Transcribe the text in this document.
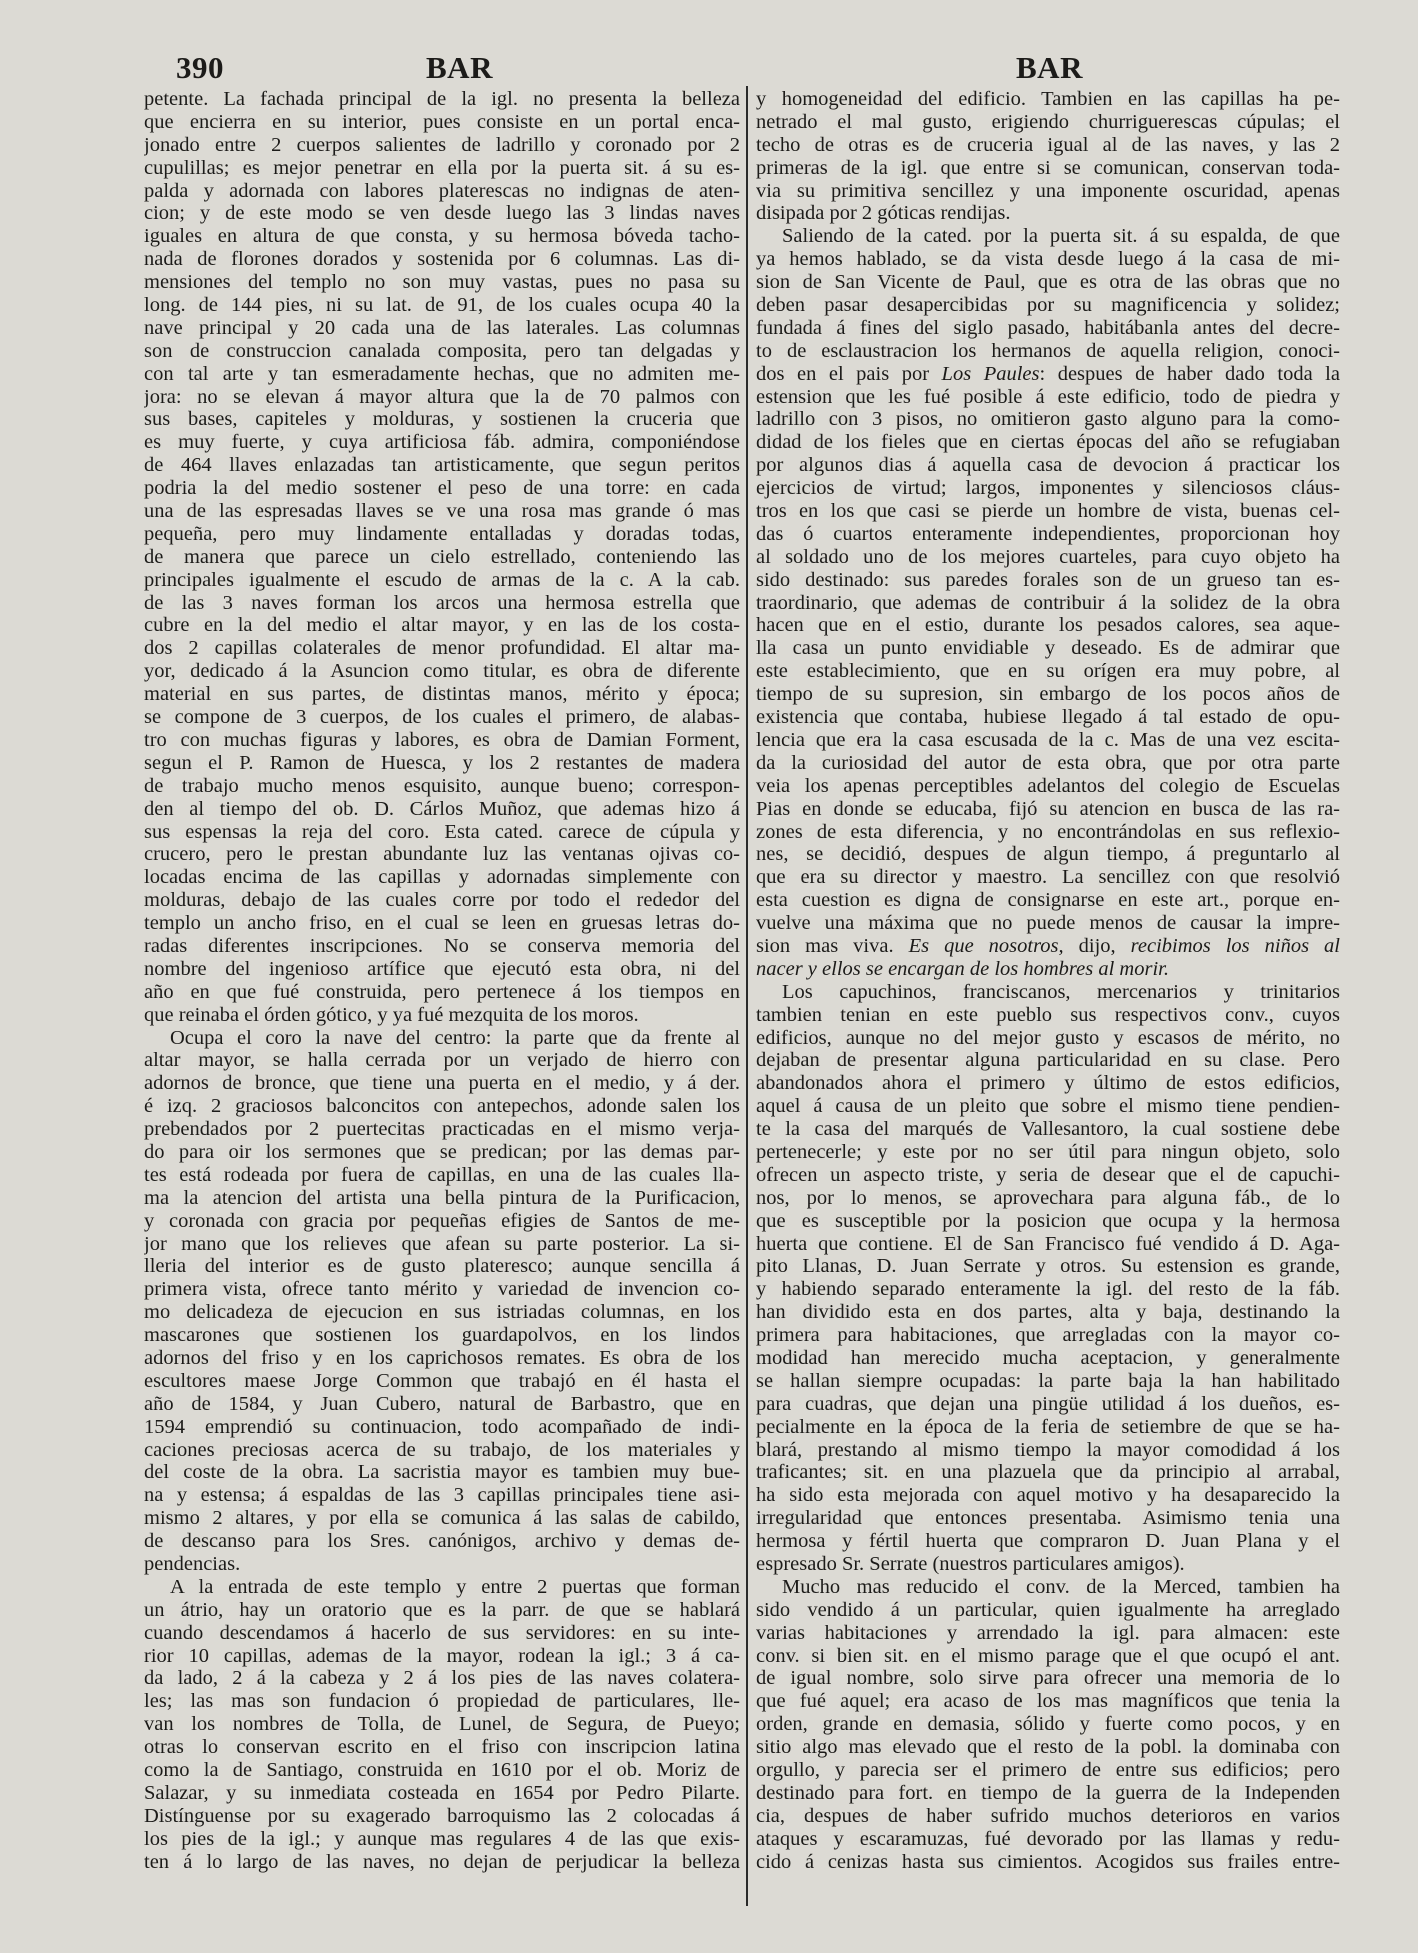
390	BAR	BAR
petente. La fachada principal de la igl. no presenta la belleza
que encierra en su interior, pues consiste en un portal enca-
jonado entre 2 cuerpos salientes de ladrillo y coronado por 2
cupulillas; es mejor penetrar en ella por la puerta sit. á su es-
palda y adornada con labores platerescas no indignas de aten-
cion; y de este modo se ven desde luego las 3 lindas naves
iguales en altura de que consta, y su hermosa bóveda tacho-
nada de florones dorados y sostenida por 6 columnas. Las di-
mensiones del templo no son muy vastas, pues no pasa su
long. de 144 pies, ni su lat. de 91, de los cuales ocupa 40 la
nave principal y 20 cada una de las laterales. Las columnas
son de construccion canalada composita, pero tan delgadas y
con tal arte y tan esmeradamente hechas, que no admiten me-
jora: no se elevan á mayor altura que la de 70 palmos con
sus bases, capiteles y molduras, y sostienen la cruceria que
es muy fuerte, y cuya artificiosa fáb. admira, componiéndose
de 464 llaves enlazadas tan artisticamente, que segun peritos
podria la del medio sostener el peso de una torre: en cada
una de las espresadas llaves se ve una rosa mas grande ó mas
pequeña, pero muy lindamente entalladas y doradas todas,
de manera que parece un cielo estrellado, conteniendo las
principales igualmente el escudo de armas de la c. A la cab.
de las 3 naves forman los arcos una hermosa estrella que
cubre en la del medio el altar mayor, y en las de los costa-
dos 2 capillas colaterales de menor profundidad. El altar ma-
yor, dedicado á la Asuncion como titular, es obra de diferente
material en sus partes, de distintas manos, mérito y época;
se compone de 3 cuerpos, de los cuales el primero, de alabas-
tro con muchas figuras y labores, es obra de Damian Forment,
segun el P. Ramon de Huesca, y los 2 restantes de madera
de trabajo mucho menos esquisito, aunque bueno; correspon-
den al tiempo del ob. D. Cárlos Muñoz, que ademas hizo á
sus espensas la reja del coro. Esta cated. carece de cúpula y
crucero, pero le prestan abundante luz las ventanas ojivas co-
locadas encima de las capillas y adornadas simplemente con
molduras, debajo de las cuales corre por todo el rededor del
templo un ancho friso, en el cual se leen en gruesas letras do-
radas diferentes inscripciones. No se conserva memoria del
nombre del ingenioso artífice que ejecutó esta obra, ni del
año en que fué construida, pero pertenece á los tiempos en
que reinaba el órden gótico, y ya fué mezquita de los moros.
Ocupa el coro la nave del centro: la parte que da frente al
altar mayor, se halla cerrada por un verjado de hierro con
adornos de bronce, que tiene una puerta en el medio, y á der.
é izq. 2 graciosos balconcitos con antepechos, adonde salen los
prebendados por 2 puertecitas practicadas en el mismo verja-
do para oir los sermones que se predican; por las demas par-
tes está rodeada por fuera de capillas, en una de las cuales lla-
ma la atencion del artista una bella pintura de la Purificacion,
y coronada con gracia por pequeñas efigies de Santos de me-
jor mano que los relieves que afean su parte posterior. La si-
lleria del interior es de gusto plateresco; aunque sencilla á
primera vista, ofrece tanto mérito y variedad de invencion co-
mo delicadeza de ejecucion en sus istriadas columnas, en los
mascarones que sostienen los guardapolvos, en los lindos
adornos del friso y en los caprichosos remates. Es obra de los
escultores maese Jorge Common que trabajó en él hasta el
año de 1584, y Juan Cubero, natural de Barbastro, que en
1594 emprendió su continuacion, todo acompañado de indi-
caciones preciosas acerca de su trabajo, de los materiales y
del coste de la obra. La sacristia mayor es tambien muy bue-
na y estensa; á espaldas de las 3 capillas principales tiene asi-
mismo 2 altares, y por ella se comunica á las salas de cabildo,
de descanso para los Sres. canónigos, archivo y demas de-
pendencias.
A la entrada de este templo y entre 2 puertas que forman
un átrio, hay un oratorio que es la parr. de que se hablará
cuando descendamos á hacerlo de sus servidores: en su inte-
rior 10 capillas, ademas de la mayor, rodean la igl.; 3 á ca-
da lado, 2 á la cabeza y 2 á los pies de las naves colatera-
les; las mas son fundacion ó propiedad de particulares, lle-
van los nombres de Tolla, de Lunel, de Segura, de Pueyo;
otras lo conservan escrito en el friso con inscripcion latina
como la de Santiago, construida en 1610 por el ob. Moriz de
Salazar, y su inmediata costeada en 1654 por Pedro Pilarte.
Distínguense por su exagerado barroquismo las 2 colocadas á
los pies de la igl.; y aunque mas regulares 4 de las que exis-
ten á lo largo de las naves, no dejan de perjudicar la belleza
y homogeneidad del edificio. Tambien en las capillas ha pe-
netrado el mal gusto, erigiendo churriguerescas cúpulas; el
techo de otras es de cruceria igual al de las naves, y las 2
primeras de la igl. que entre si se comunican, conservan toda-
via su primitiva sencillez y una imponente oscuridad, apenas
disipada por 2 góticas rendijas.
Saliendo de la cated. por la puerta sit. á su espalda, de que
ya hemos hablado, se da vista desde luego á la casa de mi-
sion de San Vicente de Paul, que es otra de las obras que no
deben pasar desapercibidas por su magnificencia y solidez;
fundada á fines del siglo pasado, habitábanla antes del decre-
to de esclaustracion los hermanos de aquella religion, conoci-
dos en el pais por Los Paules: despues de haber dado toda la
estension que les fué posible á este edificio, todo de piedra y
ladrillo con 3 pisos, no omitieron gasto alguno para la como-
didad de los fieles que en ciertas épocas del año se refugiaban
por algunos dias á aquella casa de devocion á practicar los
ejercicios de virtud; largos, imponentes y silenciosos cláus-
tros en los que casi se pierde un hombre de vista, buenas cel-
das ó cuartos enteramente independientes, proporcionan hoy
al soldado uno de los mejores cuarteles, para cuyo objeto ha
sido destinado: sus paredes forales son de un grueso tan es-
traordinario, que ademas de contribuir á la solidez de la obra
hacen que en el estio, durante los pesados calores, sea aque-
lla casa un punto envidiable y deseado. Es de admirar que
este establecimiento, que en su orígen era muy pobre, al
tiempo de su supresion, sin embargo de los pocos años de
existencia que contaba, hubiese llegado á tal estado de opu-
lencia que era la casa escusada de la c. Mas de una vez escita-
da la curiosidad del autor de esta obra, que por otra parte
veia los apenas perceptibles adelantos del colegio de Escuelas
Pias en donde se educaba, fijó su atencion en busca de las ra-
zones de esta diferencia, y no encontrándolas en sus reflexio-
nes, se decidió, despues de algun tiempo, á preguntarlo al
que era su director y maestro. La sencillez con que resolvió
esta cuestion es digna de consignarse en este art., porque en-
vuelve una máxima que no puede menos de causar la impre-
sion mas viva. Es que nosotros, dijo, recibimos los niños al
nacer y ellos se encargan de los hombres al morir.
Los capuchinos, franciscanos, mercenarios y trinitarios
tambien tenian en este pueblo sus respectivos conv., cuyos
edificios, aunque no del mejor gusto y escasos de mérito, no
dejaban de presentar alguna particularidad en su clase. Pero
abandonados ahora el primero y último de estos edificios,
aquel á causa de un pleito que sobre el mismo tiene pendien-
te la casa del marqués de Vallesantoro, la cual sostiene debe
pertenecerle; y este por no ser útil para ningun objeto, solo
ofrecen un aspecto triste, y seria de desear que el de capuchi-
nos, por lo menos, se aprovechara para alguna fáb., de lo
que es susceptible por la posicion que ocupa y la hermosa
huerta que contiene. El de San Francisco fué vendido á D. Aga-
pito Llanas, D. Juan Serrate y otros. Su estension es grande,
y habiendo separado enteramente la igl. del resto de la fáb.
han dividido esta en dos partes, alta y baja, destinando la
primera para habitaciones, que arregladas con la mayor co-
modidad han merecido mucha aceptacion, y generalmente
se hallan siempre ocupadas: la parte baja la han habilitado
para cuadras, que dejan una pingüe utilidad á los dueños, es-
pecialmente en la época de la feria de setiembre de que se ha-
blará, prestando al mismo tiempo la mayor comodidad á los
traficantes; sit. en una plazuela que da principio al arrabal,
ha sido esta mejorada con aquel motivo y ha desaparecido la
irregularidad que entonces presentaba. Asimismo tenia una
hermosa y fértil huerta que compraron D. Juan Plana y el
espresado Sr. Serrate (nuestros particulares amigos).
Mucho mas reducido el conv. de la Merced, tambien ha
sido vendido á un particular, quien igualmente ha arreglado
varias habitaciones y arrendado la igl. para almacen: este
conv. si bien sit. en el mismo parage que el que ocupó el ant.
de igual nombre, solo sirve para ofrecer una memoria de lo
que fué aquel; era acaso de los mas magníficos que tenia la
orden, grande en demasia, sólido y fuerte como pocos, y en
sitio algo mas elevado que el resto de la pobl. la dominaba con
orgullo, y parecia ser el primero de entre sus edificios; pero
destinado para fort. en tiempo de la guerra de la Independen
cia, despues de haber sufrido muchos deterioros en varios
ataques y escaramuzas, fué devorado por las llamas y redu-
cido á cenizas hasta sus cimientos. Acogidos sus frailes entre-
